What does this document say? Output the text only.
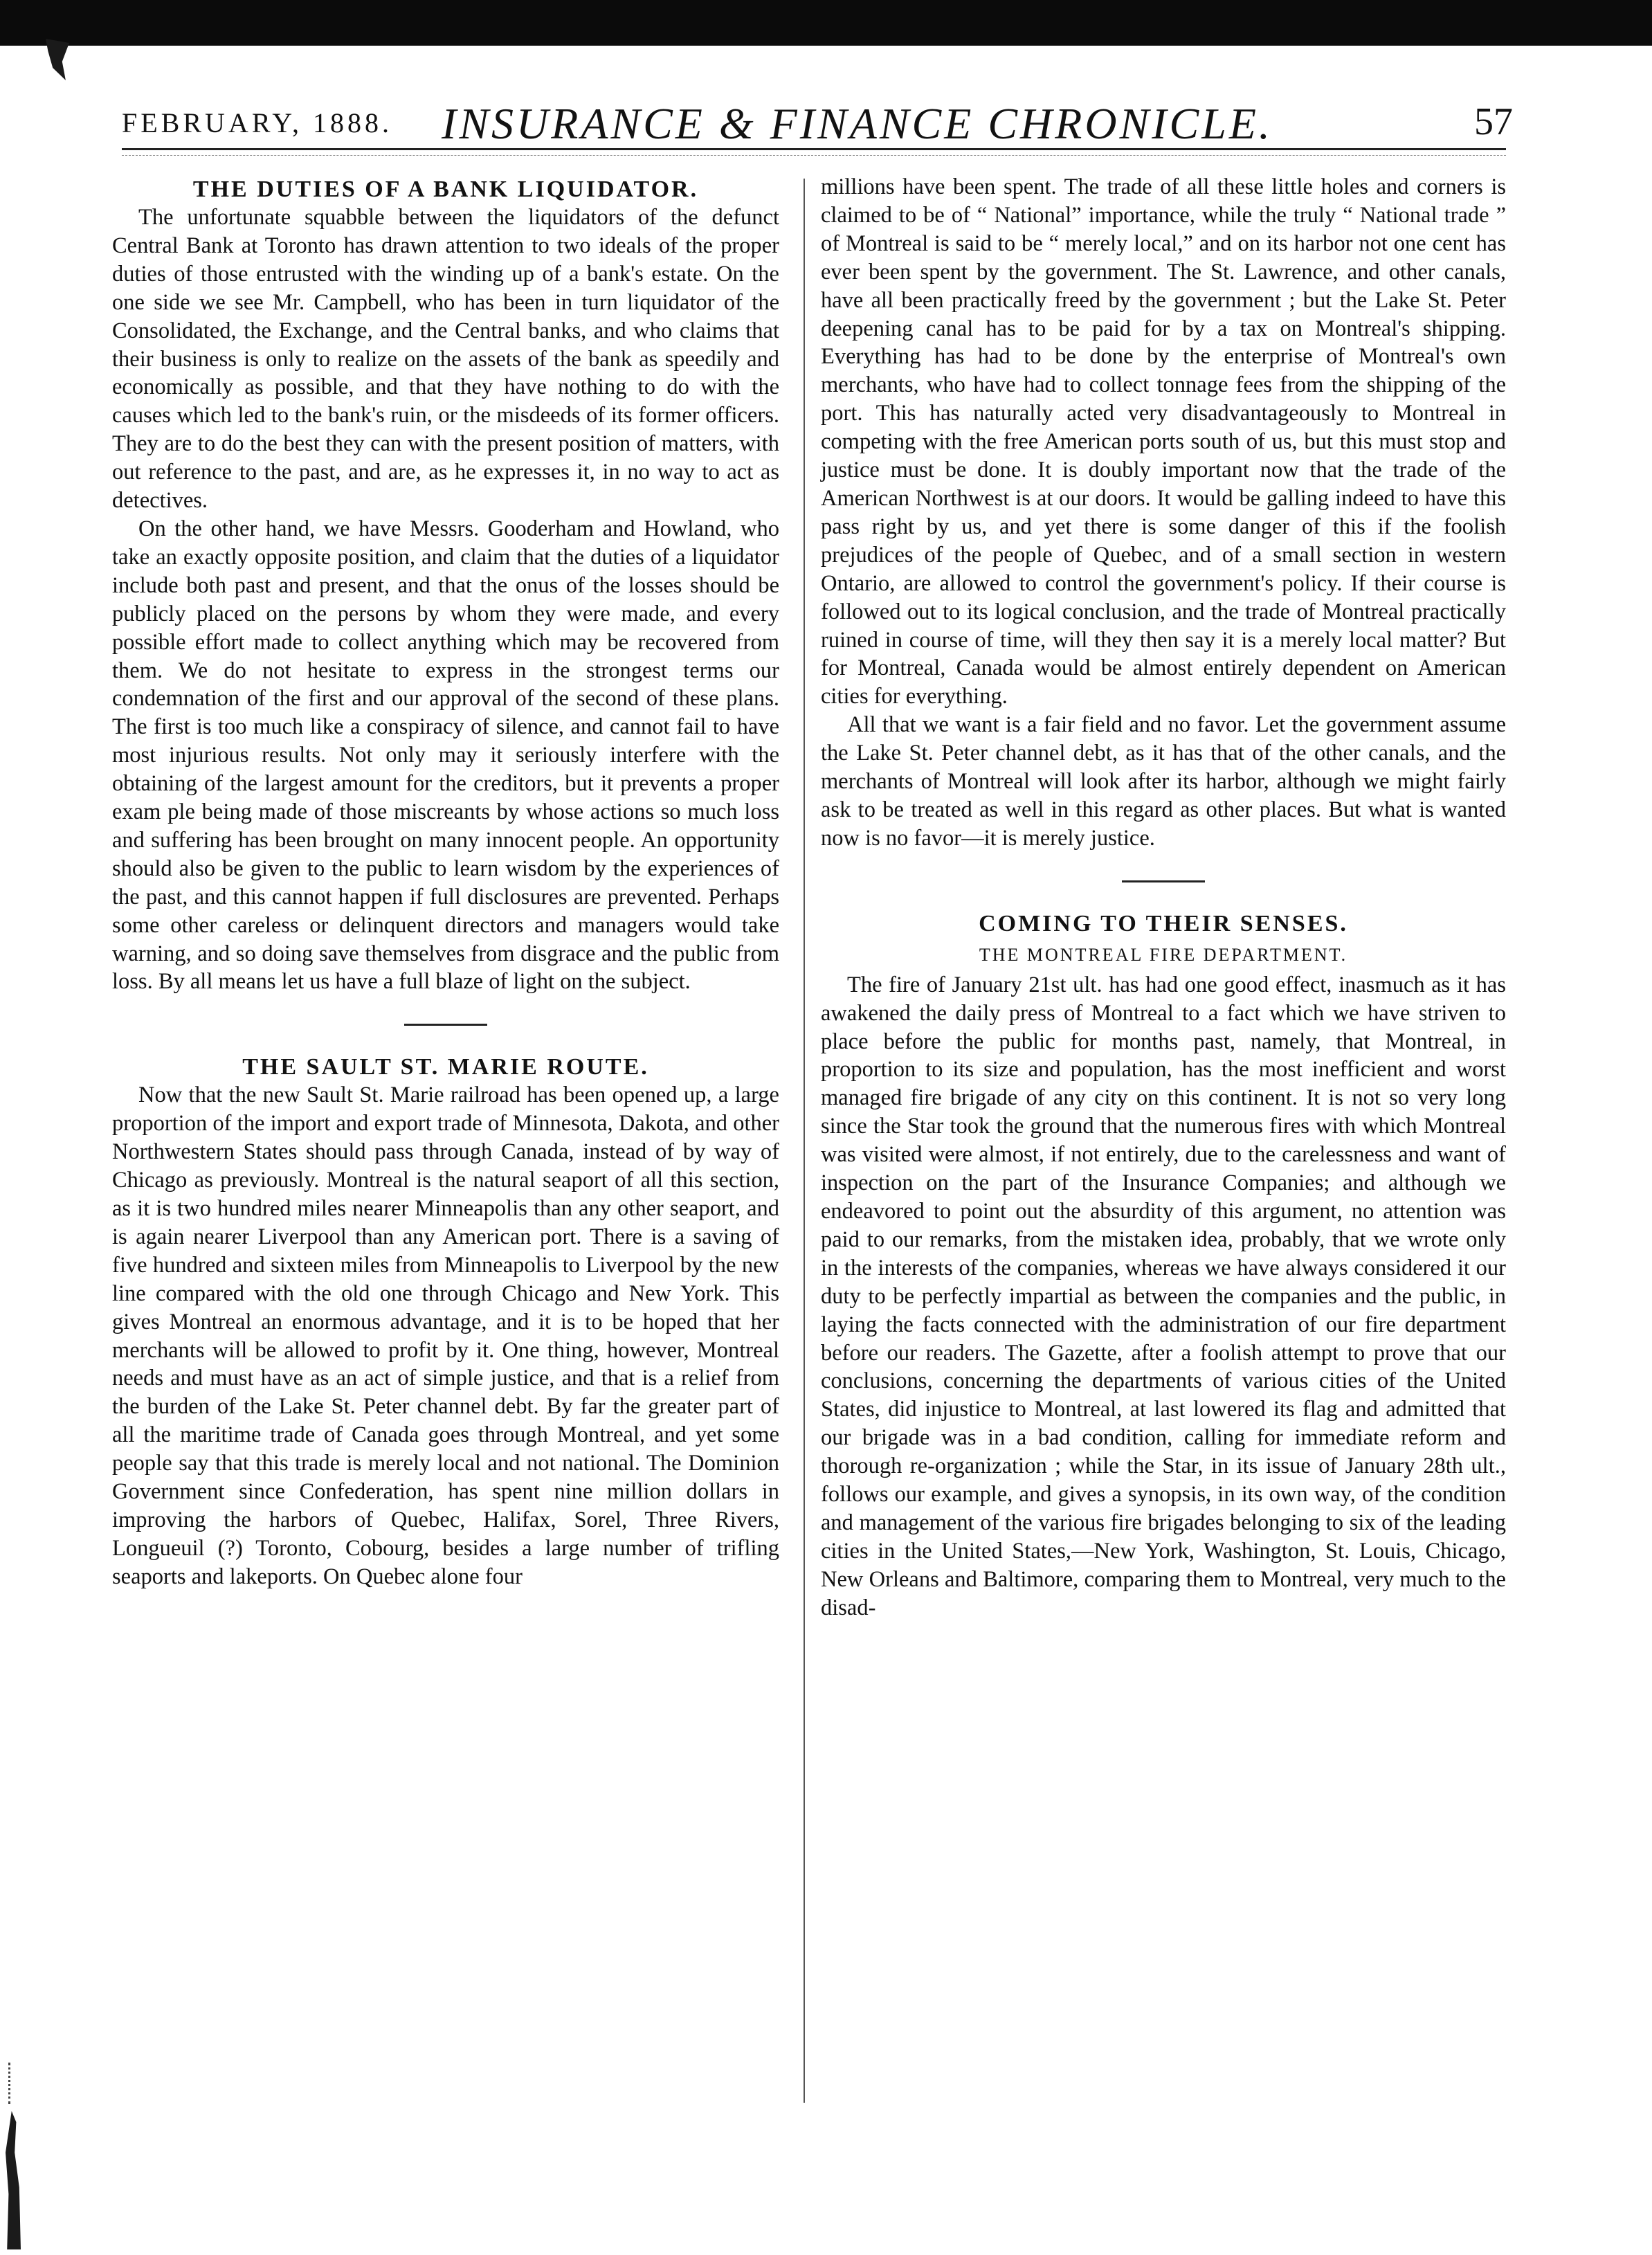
FEBRUARY, 1888. INSURANCE & FINANCE CHRONICLE.	57
THE DUTIES OF A BANK LIQUIDATOR.

The unfortunate squabble between the liquidators of the defunct Central Bank at Toronto has drawn attention to two ideals of the proper duties of those entrusted with the winding up of a bank's estate. On the one side we see Mr. Campbell, who has been in turn liquidator of the Consolidated, the Exchange, and the Central banks, and who claims that their business is only to realize on the assets of the bank as speedily and economically as possible, and that they have nothing to do with the causes which led to the bank's ruin, or the misdeeds of its former officers. They are to do the best they can with the present position of matters, with out reference to the past, and are, as he expresses it, in no way to act as detectives.

On the other hand, we have Messrs. Gooderham and Howland, who take an exactly opposite position, and claim that the duties of a liquidator include both past and present, and that the onus of the losses should be publicly placed on the persons by whom they were made, and every possible effort made to collect anything which may be recovered from them. We do not hesitate to express in the strongest terms our condemnation of the first and our approval of the second of these plans. The first is too much like a conspiracy of silence, and cannot fail to have most injurious results. Not only may it seriously interfere with the obtaining of the largest amount for the creditors, but it prevents a proper exam ple being made of those miscreants by whose actions so much loss and suffering has been brought on many innocent people. An opportunity should also be given to the public to learn wisdom by the experiences of the past, and this cannot happen if full disclosures are prevented. Perhaps some other careless or delinquent directors and managers would take warning, and so doing save themselves from disgrace and the public from loss. By all means let us have a full blaze of light on the subject.

THE SAULT ST. MARIE ROUTE.

Now that the new Sault St. Marie railroad has been opened up, a large proportion of the import and export trade of Minnesota, Dakota, and other Northwestern States should pass through Canada, instead of by way of Chicago as previously. Montreal is the natural seaport of all this section, as it is two hundred miles nearer Minneapolis than any other seaport, and is again nearer Liverpool than any American port. There is a saving of five hundred and sixteen miles from Minneapolis to Liverpool by the new line compared with the old one through Chicago and New York. This gives Montreal an enormous advantage, and it is to be hoped that her merchants will be allowed to profit by it. One thing, however, Montreal needs and must have as an act of simple justice, and that is a relief from the burden of the Lake St. Peter channel debt. By far the greater part of all the maritime trade of Canada goes through Montreal, and yet some people say that this trade is merely local and not national. The Dominion Government since Confederation, has spent nine million dollars in improving the harbors of Quebec, Halifax, Sorel, Three Rivers, Longueuil (?) Toronto, Cobourg, besides a large number of trifling seaports and lakeports. On Quebec alone four

millions have been spent. The trade of all these little holes and corners is claimed to be of “ National” importance, while the truly “ National trade ” of Montreal is said to be “ merely local,” and on its harbor not one cent has ever been spent by the government. The St. Lawrence, and other canals, have all been practically freed by the government ; but the Lake St. Peter deepening canal has to be paid for by a tax on Montreal's shipping. Everything has had to be done by the enterprise of Montreal's own merchants, who have had to collect tonnage fees from the shipping of the port. This has naturally acted very disadvantageously to Montreal in competing with the free American ports south of us, but this must stop and justice must be done. It is doubly important now that the trade of the American Northwest is at our doors. It would be galling indeed to have this pass right by us, and yet there is some danger of this if the foolish prejudices of the people of Quebec, and of a small section in western Ontario, are allowed to control the government's policy. If their course is followed out to its logical conclusion, and the trade of Montreal practically ruined in course of time, will they then say it is a merely local matter? But for Montreal, Canada would be almost entirely dependent on American cities for everything.

All that we want is a fair field and no favor. Let the government assume the Lake St. Peter channel debt, as it has that of the other canals, and the merchants of Montreal will look after its harbor, although we might fairly ask to be treated as well in this regard as other places. But what is wanted now is no favor—it is merely justice.

COMING TO THEIR SENSES.
THE MONTREAL FIRE DEPARTMENT.

The fire of January 21st ult. has had one good effect, inasmuch as it has awakened the daily press of Montreal to a fact which we have striven to place before the public for months past, namely, that Montreal, in proportion to its size and population, has the most inefficient and worst managed fire brigade of any city on this continent. It is not so very long since the Star took the ground that the numerous fires with which Montreal was visited were almost, if not entirely, due to the carelessness and want of inspection on the part of the Insurance Companies; and although we endeavored to point out the absurdity of this argument, no attention was paid to our remarks, from the mistaken idea, probably, that we wrote only in the interests of the companies, whereas we have always considered it our duty to be perfectly impartial as between the companies and the public, in laying the facts connected with the administration of our fire department before our readers. The Gazette, after a foolish attempt to prove that our conclusions, concerning the departments of various cities of the United States, did injustice to Montreal, at last lowered its flag and admitted that our brigade was in a bad condition, calling for immediate reform and thorough re-organization ; while the Star, in its issue of January 28th ult., follows our example, and gives a synopsis, in its own way, of the condition and management of the various fire brigades belonging to six of the leading cities in the United States,—New York, Washington, St. Louis, Chicago, New Orleans and Baltimore, comparing them to Montreal, very much to the disad-
